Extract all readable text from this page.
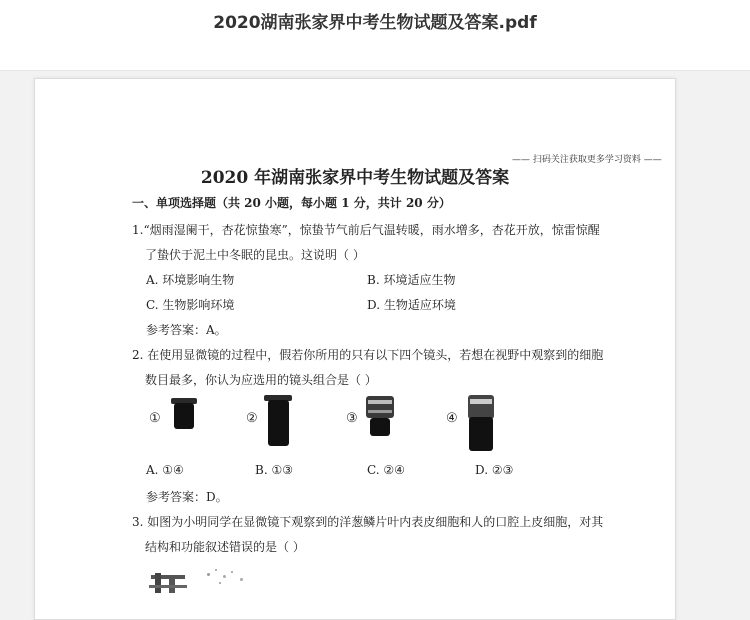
2020湖南张家界中考生物试题及答案.pdf
—— 扫码关注获取更多学习资料 ——
2020 年湖南张家界中考生物试题及答案
一、单项选择题（共 20 小题，每小题 1 分，共计 20 分）
1.“烟雨湿阑干，杏花惊蛰寒”，惊蛰节气前后气温转暖，雨水增多，杏花开放，惊雷惊醒
了蛰伏于泥土中冬眠的昆虫。这说明（ ）
A. 环境影响生物	B. 环境适应生物
C. 生物影响环境	D. 生物适应环境
参考答案：A。
2. 在使用显微镜的过程中，假若你所用的只有以下四个镜头，若想在视野中观察到的细胞
数目最多，你认为应选用的镜头组合是（ ）
①	②	③	④
A. ①④	B. ①③	C. ②④	D. ②③
参考答案：D。
3. 如图为小明同学在显微镜下观察到的洋葱鳞片叶内表皮细胞和人的口腔上皮细胞，对其
结构和功能叙述错误的是（ ）
